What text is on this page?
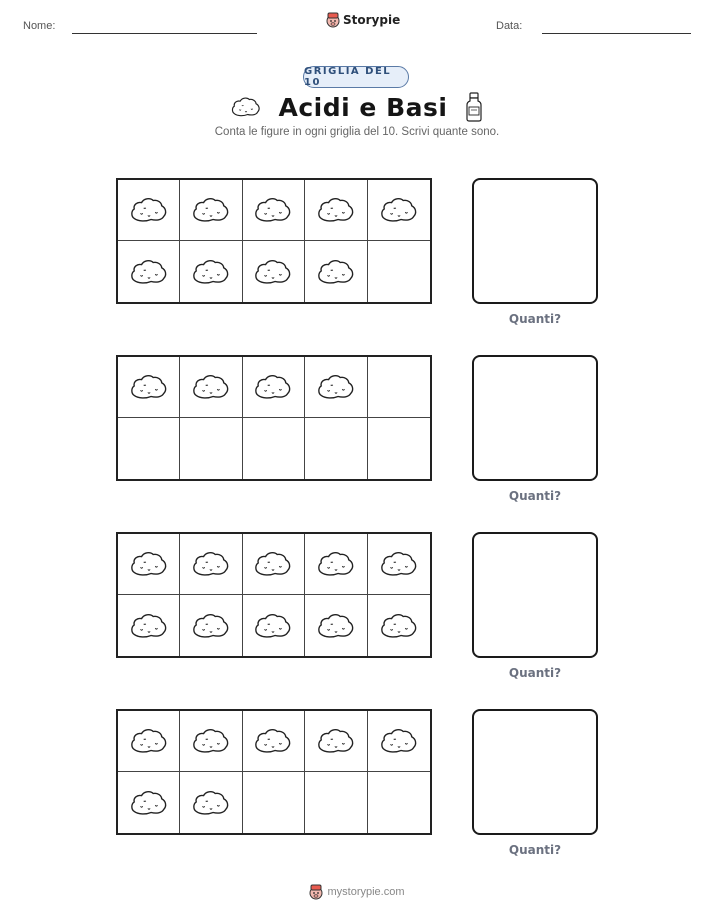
Nome:	Storypie	Data:
GRIGLIA DEL 10
Acidi e Basi
Conta le figure in ogni griglia del 10. Scrivi quante sono.
Quanti?
Quanti?
Quanti?
Quanti?
mystorypie.com
